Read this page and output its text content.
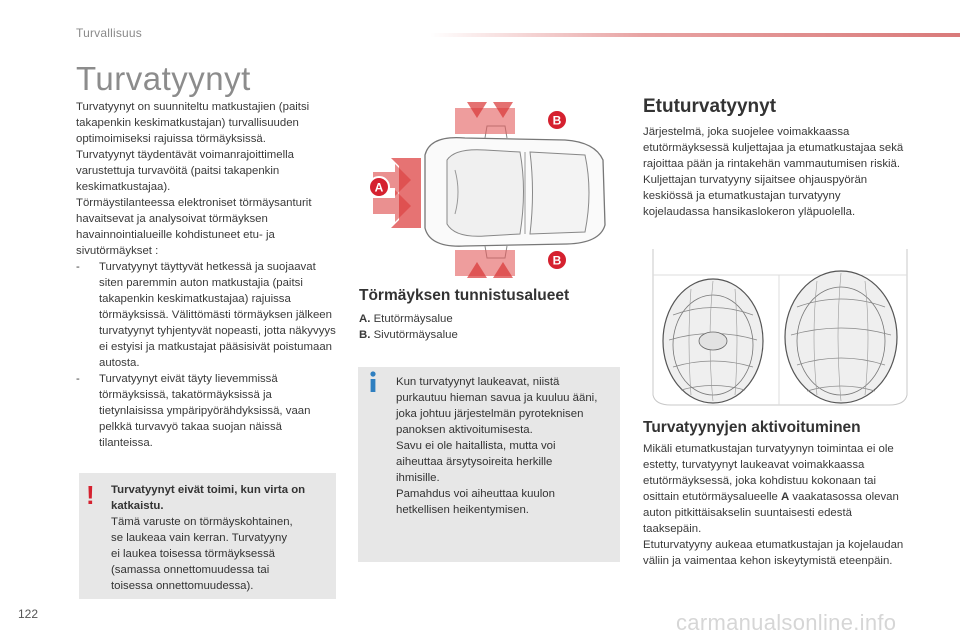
Turvallisuus
Turvatyynyt

Turvatyynyt on suunniteltu matkustajien (paitsi takapenkin keskimatkustajan) turvallisuuden optimoimiseksi rajuissa törmäyksissä.

Turvatyynyt täydentävät voimanrajoittimella varustettuja turvavöitä (paitsi takapenkin keskimatkustajaa).

Törmäystilanteessa elektroniset törmäysanturit havaitsevat ja analysoivat törmäyksen havainnointialueille kohdistuneet etu- ja sivutörmäykset :

-	Turvatyynyt täyttyvät hetkessä ja suojaavat siten paremmin auton matkustajia (paitsi takapenkin keskimatkustajaa) rajuissa törmäyksissä. Välittömästi törmäyksen jälkeen turvatyynyt tyhjentyvät nopeasti, jotta näkyvyys ei estyisi ja matkustajat pääsisivät poistumaan autosta.
-	Turvatyynyt eivät täyty lievemmissä törmäyksissä, takatörmäyksissä ja tietynlaisissa ympäripyörähdyksissä, vaan pelkkä turvavyö takaa suojan näissä tilanteissa.
! Turvatyynyt eivät toimi, kun virta on katkaistu.
Tämä varuste on törmäyskohtainen,
se laukeaa vain kerran. Turvatyyny
ei laukea toisessa törmäyksessä
(samassa onnettomuudessa tai
toisessa onnettomuudessa).
A
B
B
Törmäyksen tunnistusalueet
A. Etutörmäysalue
B. Sivutörmäysalue
Kun turvatyynyt laukeavat, niistä
purkautuu hieman savua ja kuuluu ääni,
joka johtuu järjestelmän pyroteknisen
panoksen aktivoitumisesta.
Savu ei ole haitallista, mutta voi
aiheuttaa ärsytysoireita herkille
ihmisille.
Pamahdus voi aiheuttaa kuulon
hetkellisen heikentymisen.
Etuturvatyynyt

Järjestelmä, joka suojelee voimakkaassa etutörmäyksessä kuljettajaa ja etumatkustajaa sekä rajoittaa pään ja rintakehän vammautumisen riskiä.

Kuljettajan turvatyyny sijaitsee ohjauspyörän keskiössä ja etumatkustajan turvatyyny kojelaudassa hansikaslokeron yläpuolella.

Turvatyynyjen aktivoituminen

Mikäli etumatkustajan turvatyynyn toimintaa ei ole estetty, turvatyynyt laukeavat voimakkaassa etutörmäyksessä, joka kohdistuu kokonaan tai osittain etutörmäysalueelle A vaakatasossa olevan auton pitkittäisakselin suuntaisesti edestä taaksepäin.

Etuturvatyyny aukeaa etumatkustajan ja kojelaudan väliin ja vaimentaa kehon iskeytymistä eteenpäin.

122	carmanualsonline.info
